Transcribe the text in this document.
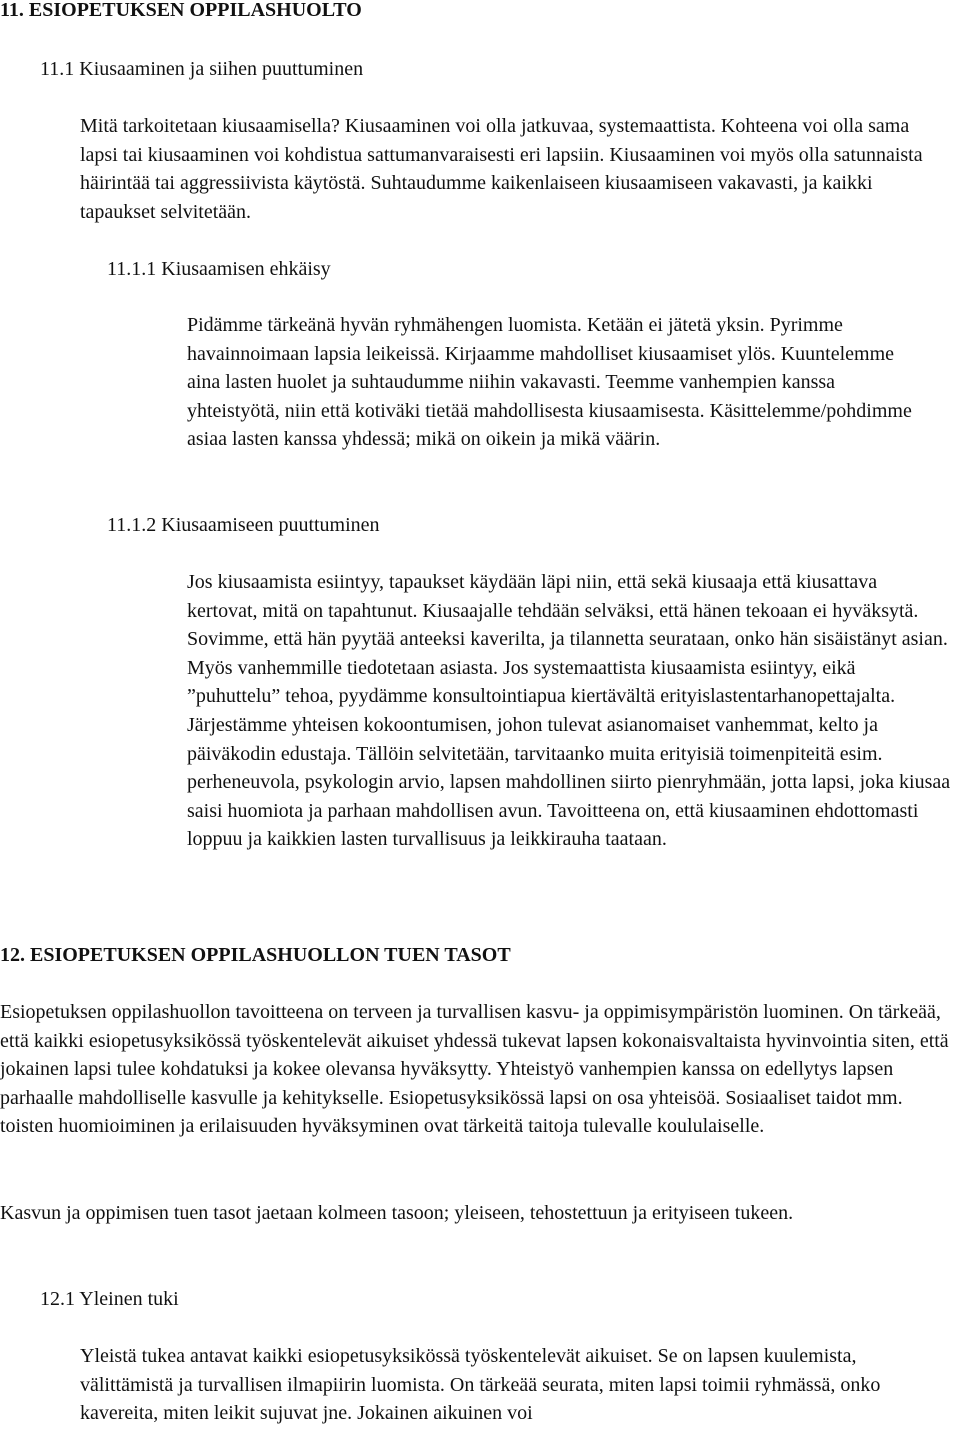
11. ESIOPETUKSEN OPPILASHUOLTO
11.1 Kiusaaminen ja siihen puuttuminen

Mitä tarkoitetaan kiusaamisella? Kiusaaminen voi olla jatkuvaa, systemaattista. Kohteena voi olla sama lapsi tai kiusaaminen voi kohdistua sattumanvaraisesti eri lapsiin. Kiusaaminen voi myös olla satunnaista häirintää tai aggressiivista käytöstä. Suhtaudumme kaikenlaiseen kiusaamiseen vakavasti, ja kaikki tapaukset selvitetään.

11.1.1 Kiusaamisen ehkäisy

Pidämme tärkeänä hyvän ryhmähengen luomista. Ketään ei jätetä yksin. Pyrimme havainnoimaan lapsia leikeissä. Kirjaamme mahdolliset kiusaamiset ylös. Kuuntelemme aina lasten huolet ja suhtaudumme niihin vakavasti. Teemme vanhempien kanssa yhteistyötä, niin että kotiväki tietää mahdollisesta kiusaamisesta. Käsittelemme/pohdimme asiaa lasten kanssa yhdessä; mikä on oikein ja mikä väärin.

11.1.2 Kiusaamiseen puuttuminen

Jos kiusaamista esiintyy, tapaukset käydään läpi niin, että sekä kiusaaja että kiusattava kertovat, mitä on tapahtunut. Kiusaajalle tehdään selväksi, että hänen tekoaan ei hyväksytä. Sovimme, että hän pyytää anteeksi kaverilta, ja tilannetta seurataan, onko hän sisäistänyt asian. Myös vanhemmille tiedotetaan asiasta. Jos systemaattista kiusaamista esiintyy, eikä ”puhuttelu” tehoa, pyydämme konsultointiapua kiertävältä erityislastentarhanopettajalta. Järjestämme yhteisen kokoontumisen, johon tulevat asianomaiset vanhemmat, kelto ja päiväkodin edustaja. Tällöin selvitetään, tarvitaanko muita erityisiä toimenpiteitä esim. perheneuvola, psykologin arvio, lapsen mahdollinen siirto pienryhmään, jotta lapsi, joka kiusaa saisi huomiota ja parhaan mahdollisen avun. Tavoitteena on, että kiusaaminen ehdottomasti loppuu ja kaikkien lasten turvallisuus ja leikkirauha taataan.

12. ESIOPETUKSEN OPPILASHUOLLON TUEN TASOT

Esiopetuksen oppilashuollon tavoitteena on terveen ja turvallisen kasvu- ja oppimisympäristön luominen. On tärkeää, että kaikki esiopetusyksikössä työskentelevät aikuiset yhdessä tukevat lapsen kokonaisvaltaista hyvinvointia siten, että jokainen lapsi tulee kohdatuksi ja kokee olevansa hyväksytty. Yhteistyö vanhempien kanssa on edellytys lapsen parhaalle mahdolliselle kasvulle ja kehitykselle. Esiopetusyksikössä lapsi on osa yhteisöä. Sosiaaliset taidot mm. toisten huomioiminen ja erilaisuuden hyväksyminen ovat tärkeitä taitoja tulevalle koululaiselle.

Kasvun ja oppimisen tuen tasot jaetaan kolmeen tasoon; yleiseen, tehostettuun ja erityiseen tukeen.

12.1 Yleinen tuki

Yleistä tukea antavat kaikki esiopetusyksikössä työskentelevät aikuiset. Se on lapsen kuulemista, välittämistä ja turvallisen ilmapiirin luomista. On tärkeää seurata, miten lapsi toimii ryhmässä, onko kavereita, miten leikit sujuvat jne. Jokainen aikuinen voi
